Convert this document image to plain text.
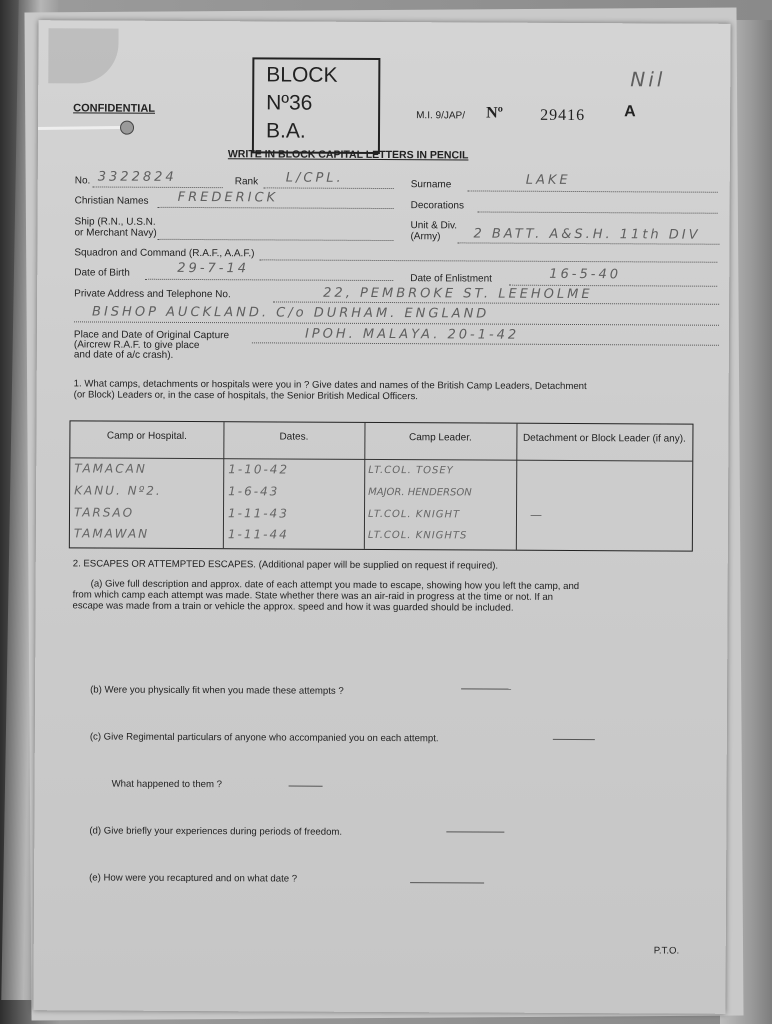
CONFIDENTIAL
BLOCK
Nº36
B.A.
M.I. 9/JAP/ Nº 29416 A
Nil
WRITE IN BLOCK CAPITAL LETTERS IN PENCIL
No. 3322824	Rank L/CPL.	Surname	LAKE
Christian Names FREDERICK
Decorations
Ship (R.N., U.S.N.
or Merchant Navy)
Unit & Div.
(Army)	2 BATT. A&S.H. 11th DIV
Squadron and Command (R.A.F., A.A.F.)
Date of Birth	29-7-14
Date of Enlistment	16-5-40
Private Address and Telephone No.	22, PEMBROKE ST. LEEHOLME
BISHOP AUCKLAND. C/o DURHAM. ENGLAND
Place and Date of Original Capture
(Aircrew R.A.F. to give place
and date of a/c crash).
IPOH. MALAYA. 20-1-42
1. What camps, detachments or hospitals were you in ? Give dates and names of the British Camp Leaders, Detachment
(or Block) Leaders or, in the case of hospitals, the Senior British Medical Officers.
Camp or Hospital.	Dates.	Camp Leader.	Detachment or Block Leader (if any).
TAMACAN	1-10-42	LT.COL. TOSEY
KANU. Nº2.	1-6-43	MAJOR. HENDERSON
TARSAO	1-11-43	LT.COL. KNIGHT	—
TAMAWAN	1-11-44	LT.COL. KNIGHTS
2. ESCAPES OR ATTEMPTED ESCAPES. (Additional paper will be supplied on request if required).
(a) Give full description and approx. date of each attempt you made to escape, showing how you left the camp, and
from which camp each attempt was made. State whether there was an air-raid in progress at the time or not. If an
escape was made from a train or vehicle the approx. speed and how it was guarded should be included.
(b) Were you physically fit when you made these attempts ?
(c) Give Regimental particulars of anyone who accompanied you on each attempt.
What happened to them ?
(d) Give briefly your experiences during periods of freedom.
(e) How were you recaptured and on what date ?
P.T.O.
